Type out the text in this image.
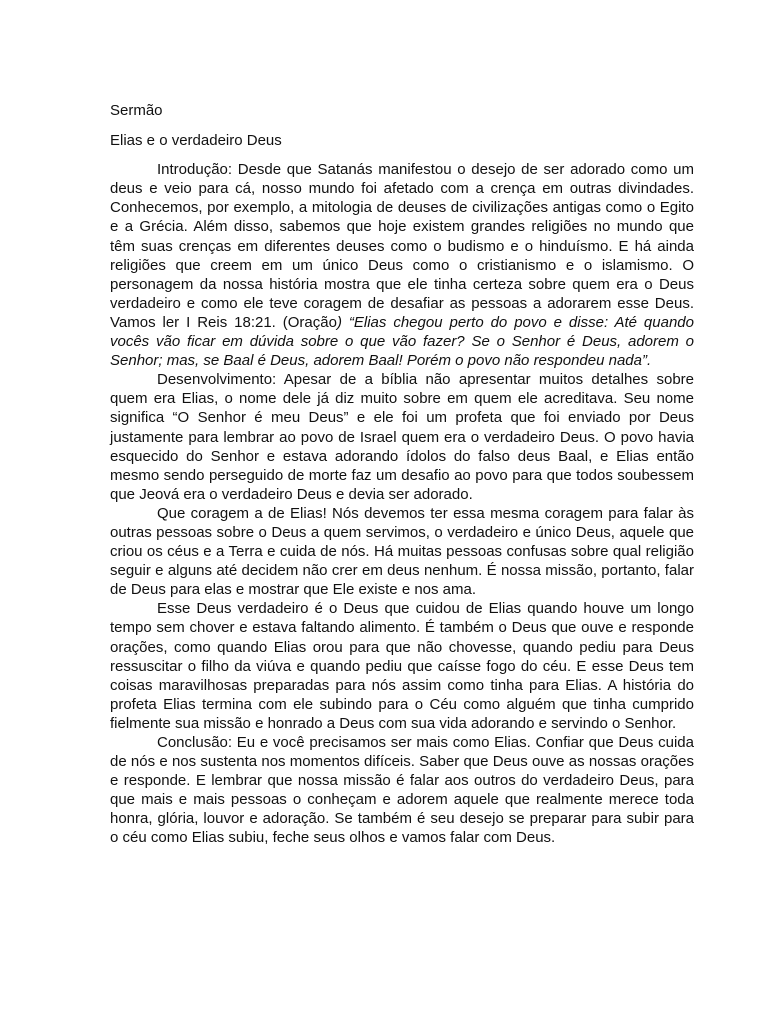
Sermão

Elias e o verdadeiro Deus

Introdução: Desde que Satanás manifestou o desejo de ser adorado como um deus e veio para cá, nosso mundo foi afetado com a crença em outras divindades. Conhecemos, por exemplo, a mitologia de deuses de civilizações antigas como o Egito e a Grécia. Além disso, sabemos que hoje existem grandes religiões no mundo que têm suas crenças em diferentes deuses como o budismo e o hinduísmo. E há ainda religiões que creem em um único Deus como o cristianismo e o islamismo. O personagem da nossa história mostra que ele tinha certeza sobre quem era o Deus verdadeiro e como ele teve coragem de desafiar as pessoas a adorarem esse Deus. Vamos ler I Reis 18:21. (Oração) “Elias chegou perto do povo e disse: Até quando vocês vão ficar em dúvida sobre o que vão fazer? Se o Senhor é Deus, adorem o Senhor; mas, se Baal é Deus, adorem Baal! Porém o povo não respondeu nada”.

Desenvolvimento: Apesar de a bíblia não apresentar muitos detalhes sobre quem era Elias, o nome dele já diz muito sobre em quem ele acreditava. Seu nome significa “O Senhor é meu Deus” e ele foi um profeta que foi enviado por Deus justamente para lembrar ao povo de Israel quem era o verdadeiro Deus. O povo havia esquecido do Senhor e estava adorando ídolos do falso deus Baal, e Elias então mesmo sendo perseguido de morte faz um desafio ao povo para que todos soubessem que Jeová era o verdadeiro Deus e devia ser adorado.

Que coragem a de Elias! Nós devemos ter essa mesma coragem para falar às outras pessoas sobre o Deus a quem servimos, o verdadeiro e único Deus, aquele que criou os céus e a Terra e cuida de nós. Há muitas pessoas confusas sobre qual religião seguir e alguns até decidem não crer em deus nenhum. É nossa missão, portanto, falar de Deus para elas e mostrar que Ele existe e nos ama.

Esse Deus verdadeiro é o Deus que cuidou de Elias quando houve um longo tempo sem chover e estava faltando alimento. É também o Deus que ouve e responde orações, como quando Elias orou para que não chovesse, quando pediu para Deus ressuscitar o filho da viúva e quando pediu que caísse fogo do céu. E esse Deus tem coisas maravilhosas preparadas para nós assim como tinha para Elias. A história do profeta Elias termina com ele subindo para o Céu como alguém que tinha cumprido fielmente sua missão e honrado a Deus com sua vida adorando e servindo o Senhor.

Conclusão: Eu e você precisamos ser mais como Elias. Confiar que Deus cuida de nós e nos sustenta nos momentos difíceis. Saber que Deus ouve as nossas orações e responde. E lembrar que nossa missão é falar aos outros do verdadeiro Deus, para que mais e mais pessoas o conheçam e adorem aquele que realmente merece toda honra, glória, louvor e adoração. Se também é seu desejo se preparar para subir para o céu como Elias subiu, feche seus olhos e vamos falar com Deus.
